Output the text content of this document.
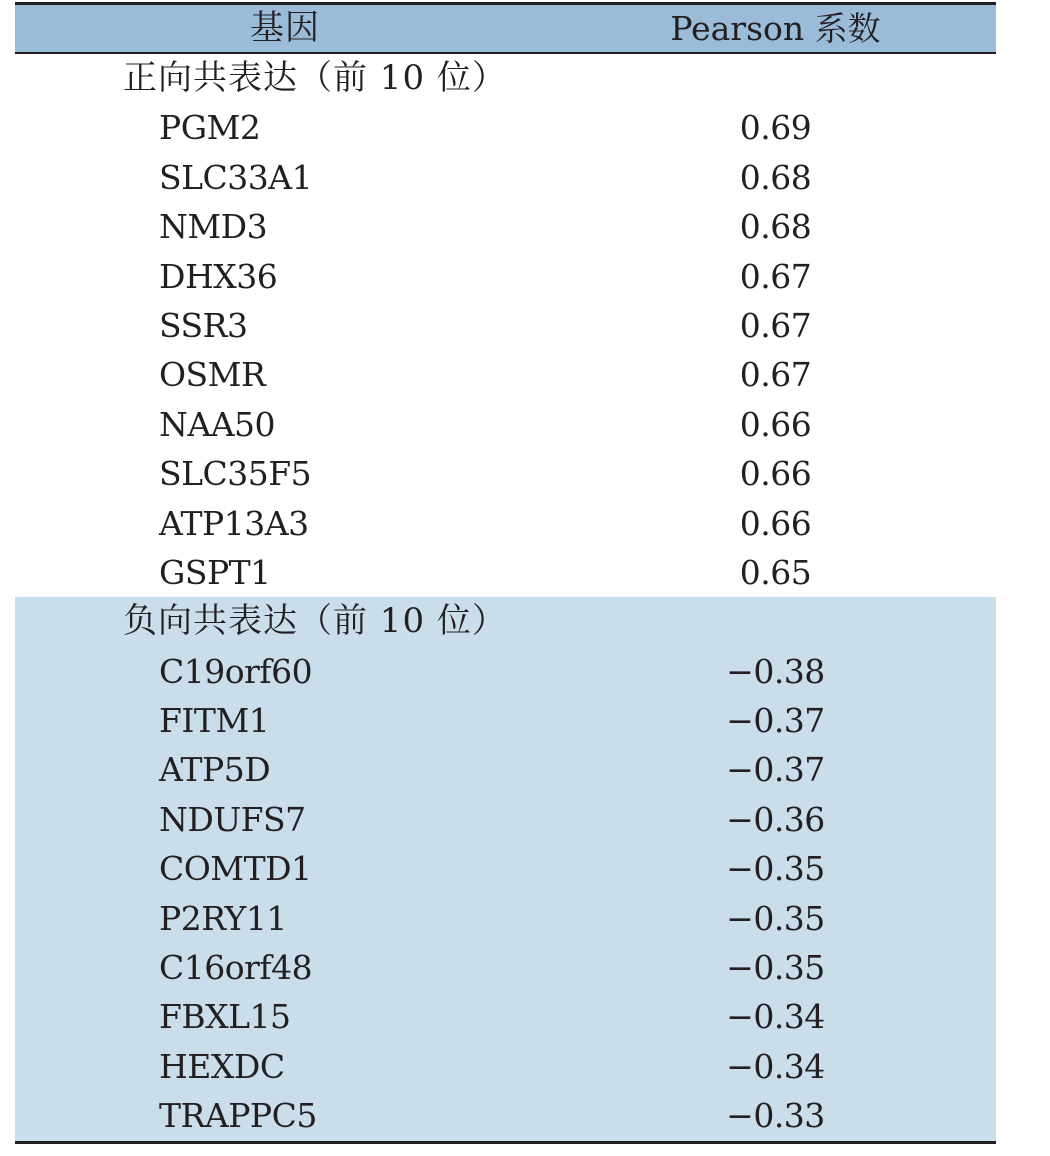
基因	Pearson 系数
正向共表达（前 10 位）
PGM2	0.69
SLC33A1	0.68
NMD3	0.68
DHX36	0.67
SSR3	0.67
OSMR	0.67
NAA50	0.66
SLC35F5	0.66
ATP13A3	0.66
GSPT1	0.65
负向共表达（前 10 位）
C19orf60	−0.38
FITM1	−0.37
ATP5D	−0.37
NDUFS7	−0.36
COMTD1	−0.35
P2RY11	−0.35
C16orf48	−0.35
FBXL15	−0.34
HEXDC	−0.34
TRAPPC5	−0.33
